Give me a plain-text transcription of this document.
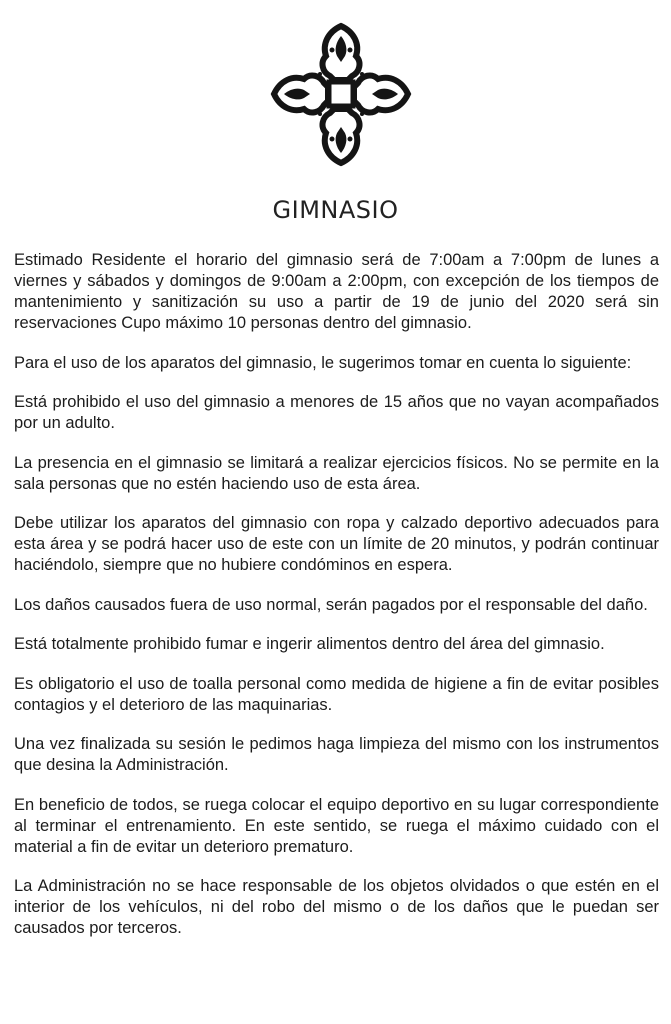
GIMNASIO

Estimado Residente el horario del gimnasio será de 7:00am a 7:00pm de lunes a viernes y sábados y domingos de 9:00am a 2:00pm, con excepción de los tiempos de mantenimiento y sanitización su uso a partir de 19 de junio del 2020 será sin reservaciones Cupo máximo 10 personas dentro del gimnasio.

Para el uso de los aparatos del gimnasio, le sugerimos tomar en cuenta lo siguiente:

Está prohibido el uso del gimnasio a menores de 15 años que no vayan acompañados por un adulto.

La presencia en el gimnasio se limitará a realizar ejercicios físicos. No se permite en la sala personas que no estén haciendo uso de esta área.

Debe utilizar los aparatos del gimnasio con ropa y calzado deportivo adecuados para esta área y se podrá hacer uso de este con un límite de 20 minutos, y podrán continuar haciéndolo, siempre que no hubiere condóminos en espera.

Los daños causados fuera de uso normal, serán pagados por el responsable del daño.

Está totalmente prohibido fumar e ingerir alimentos dentro del área del gimnasio.

Es obligatorio el uso de toalla personal como medida de higiene a fin de evitar posibles contagios y el deterioro de las maquinarias.

Una vez finalizada su sesión le pedimos haga limpieza del mismo con los instrumentos que desina la Administración.

En beneficio de todos, se ruega colocar el equipo deportivo en su lugar correspondiente al terminar el entrenamiento. En este sentido, se ruega el máximo cuidado con el material a fin de evitar un deterioro prematuro.

La Administración no se hace responsable de los objetos olvidados o que estén en el interior de los vehículos, ni del robo del mismo o de los daños que le puedan ser causados por terceros.
